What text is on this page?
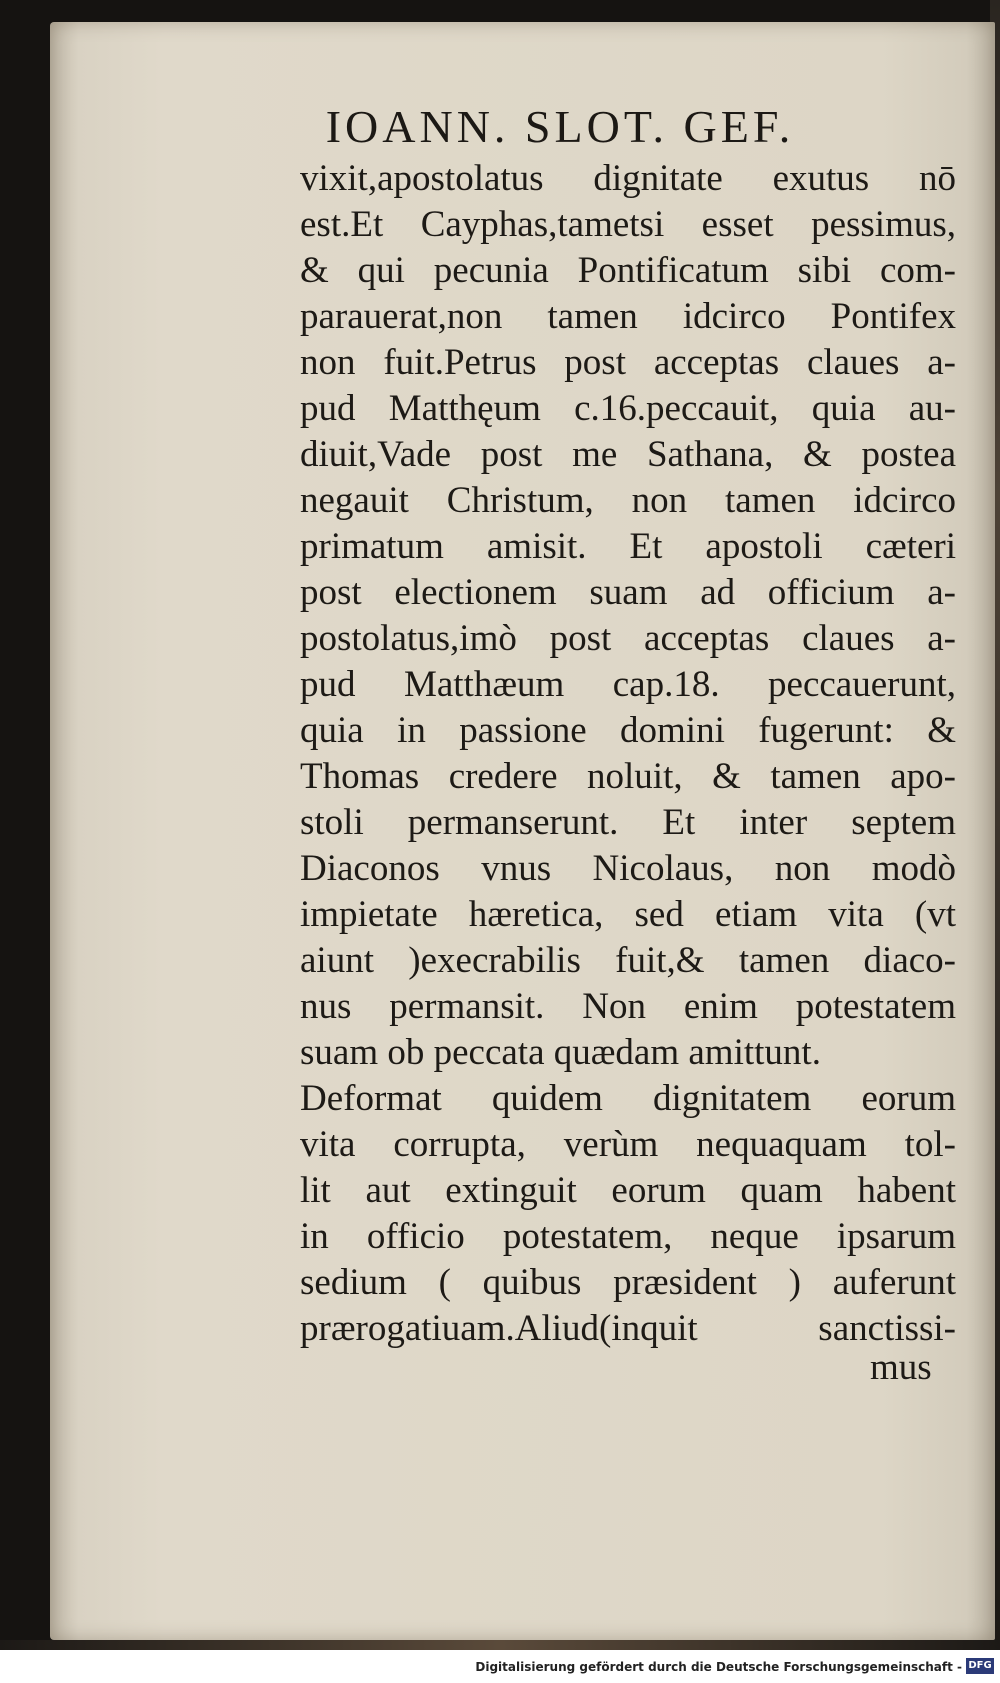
IOANN. SLOT. GEF.
vixit,apostolatus dignitate exutus nō
est.Et Cayphas,tametsi esset pessimus,
& qui pecunia Pontificatum sibi com-
parauerat,non tamen idcirco Pontifex
non fuit.Petrus post acceptas claues a-
pud Matthęum c.16.peccauit, quia au-
diuit,Vade post me Sathana, & postea
negauit Christum, non tamen idcirco
primatum amisit. Et apostoli cæteri
post electionem suam ad officium a-
postolatus,imò post acceptas claues a-
pud Matthæum cap.18. peccauerunt,
quia in passione domini fugerunt: &
Thomas credere noluit, & tamen apo-
stoli permanserunt. Et inter septem
Diaconos vnus Nicolaus, non modò
impietate hæretica, sed etiam vita (vt
aiunt )execrabilis fuit,& tamen diaco-
nus permansit. Non enim potestatem
suam ob peccata quædam amittunt.
Deformat quidem dignitatem eorum
vita corrupta, verùm nequaquam tol-
lit aut extinguit eorum quam habent
in officio potestatem, neque ipsarum
sedium ( quibus præsident ) auferunt
prærogatiuam.Aliud(inquit sanctissi-
mus
Digitalisierung gefördert durch die Deutsche Forschungsgemeinschaft - DFG
